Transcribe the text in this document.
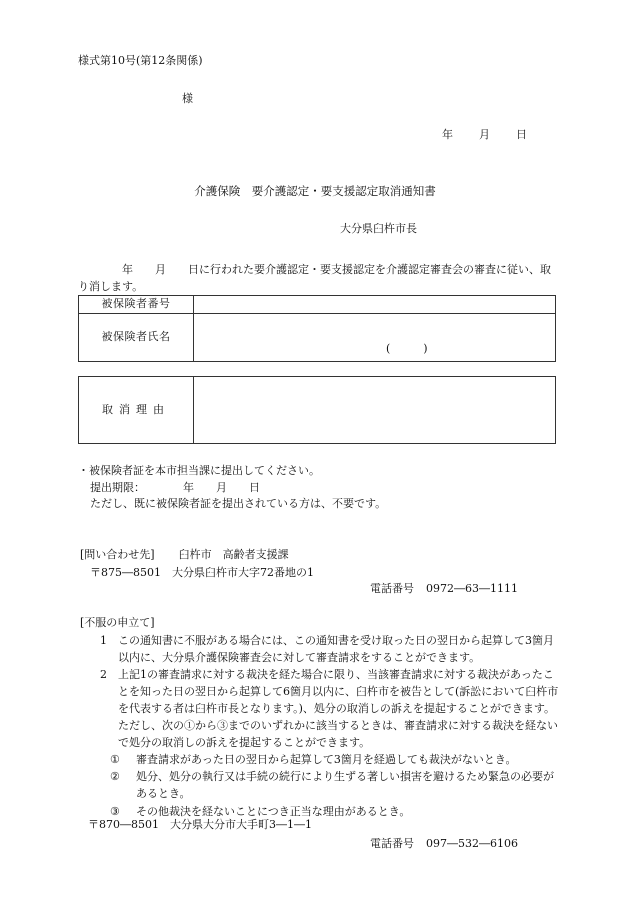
様式第10号(第12条関係)
様
年 月 日
介護保険　要介護認定・要支援認定取消通知書
大分県臼杵市長
　　　　年　　月　　日に行われた要介護認定・要支援認定を介護認定審査会の審査に従い、取り消します。
被保険者番号	
被保険者氏名	(　　　)
取消理由	
・被保険者証を本市担当課に提出してください。
提出期限：	年　　月　　日
ただし、既に被保険者証を提出されている方は、不要です。
[問い合わせ先] 臼杵市　高齢者支援課
〒875―8501　大分県臼杵市大字72番地の1
電話番号 0972―63―1111
[不服の申立て]
1 この通知書に不服がある場合には、この通知書を受け取った日の翌日から起算して3箇月以内に、大分県介護保険審査会に対して審査請求をすることができます。
2 上記1の審査請求に対する裁決を経た場合に限り、当該審査請求に対する裁決があったことを知った日の翌日から起算して6箇月以内に、臼杵市を被告として(訴訟において臼杵市を代表する者は臼杵市長となります。)、処分の取消しの訴えを提起することができます。ただし、次の①から③までのいずれかに該当するときは、審査請求に対する裁決を経ないで処分の取消しの訴えを提起することができます。
① 審査請求があった日の翌日から起算して3箇月を経過しても裁決がないとき。
② 処分、処分の執行又は手続の続行により生ずる著しい損害を避けるため緊急の必要があるとき。
③ その他裁決を経ないことにつき正当な理由があるとき。
〒870―8501　大分県大分市大手町3―1―1
電話番号 097―532―6106
